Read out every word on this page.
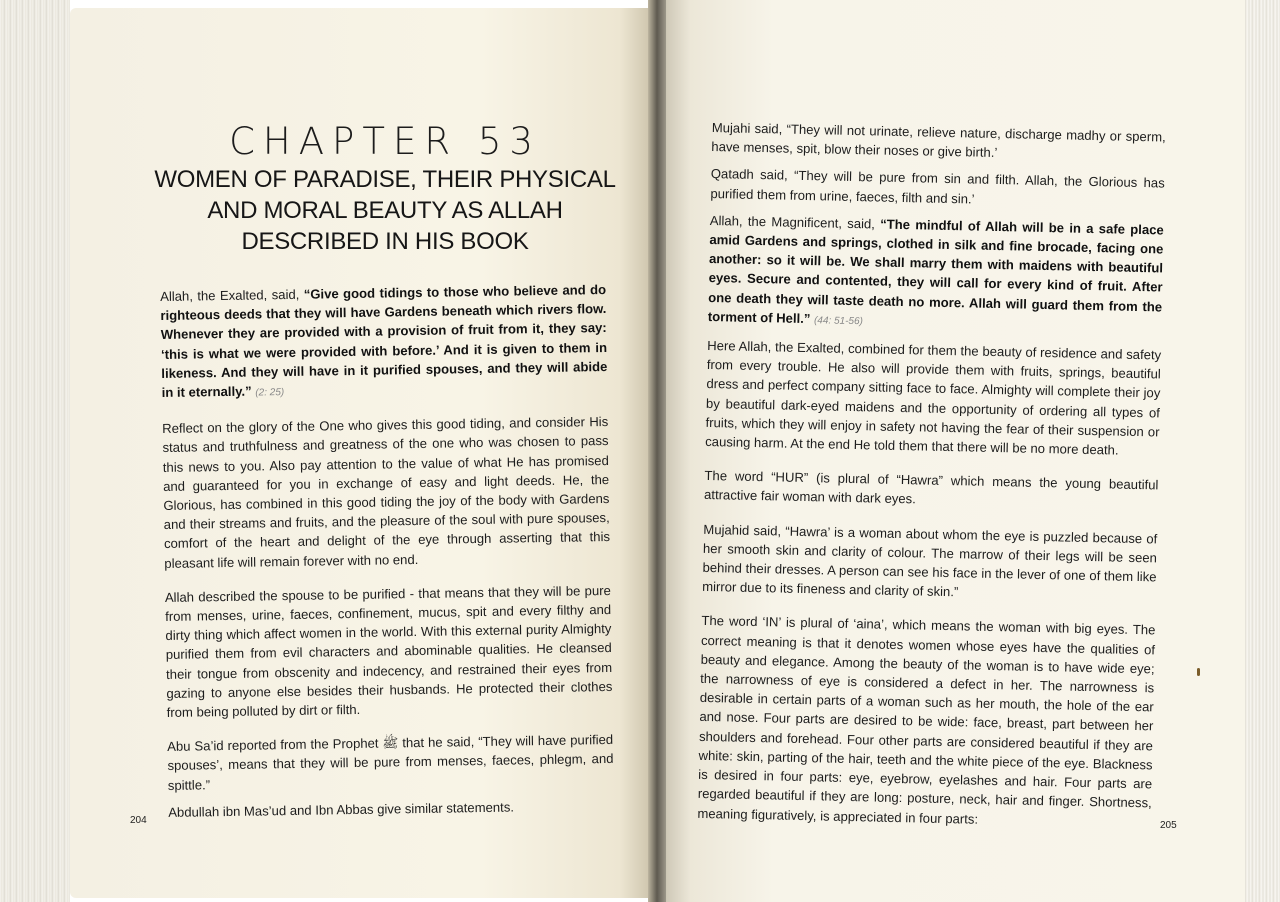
CHAPTER 53
WOMEN OF PARADISE, THEIR PHYSICAL
AND MORAL BEAUTY AS ALLAH
DESCRIBED IN HIS BOOK

Allah, the Exalted, said, “Give good tidings to those who believe and do righteous deeds that they will have Gardens beneath which rivers flow. Whenever they are provided with a provision of fruit from it, they say: ‘this is what we were provided with before.’ And it is given to them in likeness. And they will have in it purified spouses, and they will abide in it eternally.” (2: 25)

Reflect on the glory of the One who gives this good tiding, and consider His status and truthfulness and greatness of the one who was chosen to pass this news to you. Also pay attention to the value of what He has promised and guaranteed for you in exchange of easy and light deeds. He, the Glorious, has combined in this good tiding the joy of the body with Gardens and their streams and fruits, and the pleasure of the soul with pure spouses, comfort of the heart and delight of the eye through asserting that this pleasant life will remain forever with no end.

Allah described the spouse to be purified - that means that they will be pure from menses, urine, faeces, confinement, mucus, spit and every filthy and dirty thing which affect women in the world. With this external purity Almighty purified them from evil characters and abominable qualities. He cleansed their tongue from obscenity and indecency, and restrained their eyes from gazing to anyone else besides their husbands. He protected their clothes from being polluted by dirt or filth.

Abu Sa’id reported from the Prophet ﷺ that he said, “They will have purified spouses’, means that they will be pure from menses, faeces, phlegm, and spittle.”

Abdullah ibn Mas’ud and Ibn Abbas give similar statements.

204

Mujahi said, “They will not urinate, relieve nature, discharge madhy or sperm, have menses, spit, blow their noses or give birth.’

Qatadh said, “They will be pure from sin and filth. Allah, the Glorious has purified them from urine, faeces, filth and sin.’

Allah, the Magnificent, said, “The mindful of Allah will be in a safe place amid Gardens and springs, clothed in silk and fine brocade, facing one another: so it will be. We shall marry them with maidens with beautiful eyes. Secure and contented, they will call for every kind of fruit. After one death they will taste death no more. Allah will guard them from the torment of Hell.” (44: 51-56)

Here Allah, the Exalted, combined for them the beauty of residence and safety from every trouble. He also will provide them with fruits, springs, beautiful dress and perfect company sitting face to face. Almighty will complete their joy by beautiful dark-eyed maidens and the opportunity of ordering all types of fruits, which they will enjoy in safety not having the fear of their suspension or causing harm. At the end He told them that there will be no more death.

The word “HUR” (is plural of “Hawra” which means the young beautiful attractive fair woman with dark eyes.

Mujahid said, “Hawra’ is a woman about whom the eye is puzzled because of her smooth skin and clarity of colour. The marrow of their legs will be seen behind their dresses. A person can see his face in the lever of one of them like mirror due to its fineness and clarity of skin.”

The word ‘IN’ is plural of ‘aina’, which means the woman with big eyes. The correct meaning is that it denotes women whose eyes have the qualities of beauty and elegance. Among the beauty of the woman is to have wide eye; the narrowness of eye is considered a defect in her. The narrowness is desirable in certain parts of a woman such as her mouth, the hole of the ear and nose. Four parts are desired to be wide: face, breast, part between her shoulders and forehead. Four other parts are considered beautiful if they are white: skin, parting of the hair, teeth and the white piece of the eye. Blackness is desired in four parts: eye, eyebrow, eyelashes and hair. Four parts are regarded beautiful if they are long: posture, neck, hair and finger. Shortness, meaning figuratively, is appreciated in four parts:	205
